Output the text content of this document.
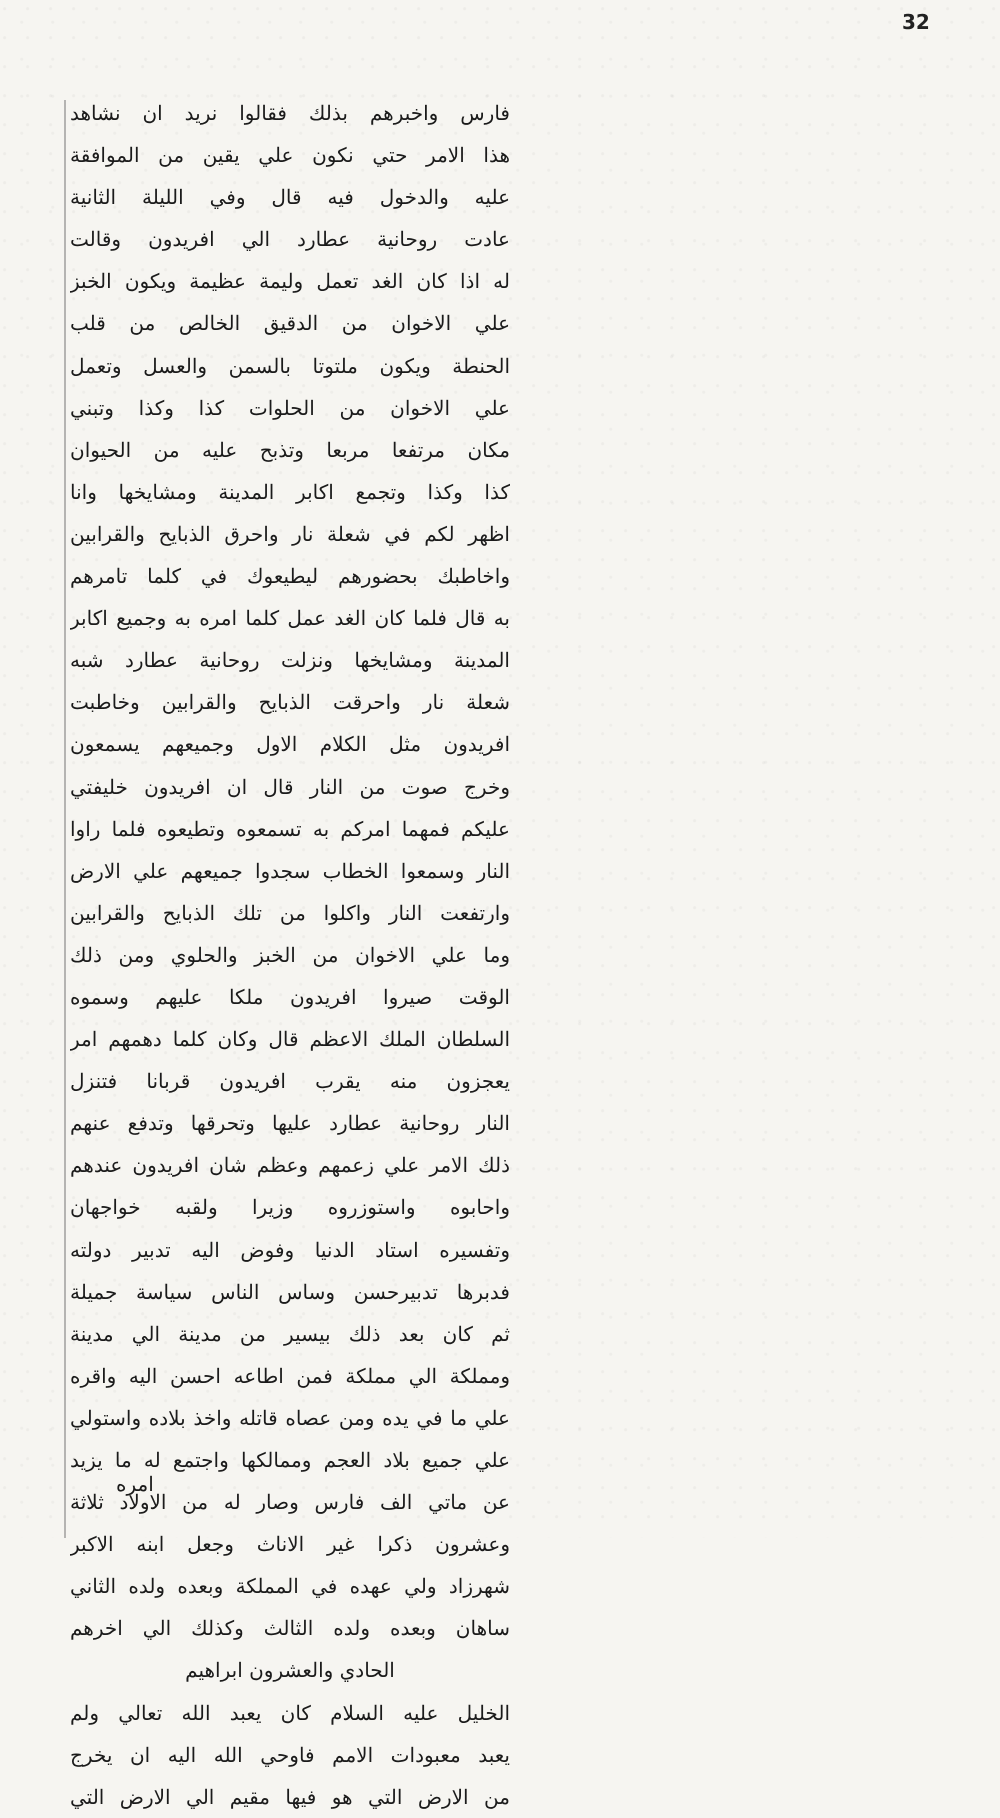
32
فارس واخبرهم بذلك فقالوا نريد ان نشاهد
هذا الامر حتي نكون علي يقين من الموافقة
عليه والدخول فيه قال وفي الليلة الثانية
عادت روحانية عطارد الي افريدون وقالت
له اذا كان الغد تعمل وليمة عظيمة ويكون الخبز
علي الاخوان من الدقيق الخالص من قلب
الحنطة ويكون ملتوتا بالسمن والعسل وتعمل
علي الاخوان من الحلوات كذا وكذا وتبني
مكان مرتفعا مربعا وتذبح عليه من الحيوان
كذا وكذا وتجمع اكابر المدينة ومشايخها وانا
اظهر لكم في شعلة نار واحرق الذبايح والقرابين
واخاطبك بحضورهم ليطيعوك في كلما تامرهم
به قال فلما كان الغد عمل كلما امره به وجميع اكابر
المدينة ومشايخها ونزلت روحانية عطارد شبه
شعلة نار واحرقت الذبايح والقرابين وخاطبت
افريدون مثل الكلام الاول وجميعهم يسمعون
وخرج صوت من النار قال ان افريدون خليفتي
عليكم فمهما امركم به تسمعوه وتطيعوه فلما راوا
النار وسمعوا الخطاب سجدوا جميعهم علي الارض
وارتفعت النار واكلوا من تلك الذبايح والقرابين
وما علي الاخوان من الخبز والحلوي ومن ذلك
الوقت صيروا افريدون ملكا عليهم وسموه
السلطان الملك الاعظم قال وكان كلما دهمهم امر
يعجزون منه يقرب افريدون قربانا فتنزل
النار روحانية عطارد عليها وتحرقها وتدفع عنهم
ذلك الامر علي زعمهم وعظم شان افريدون عندهم
واحابوه واستوزروه وزيرا ولقبه خواجهان
وتفسيره استاد الدنيا وفوض اليه تدبير دولته
فدبرها تدبيرحسن وساس الناس سياسة جميلة
ثم كان بعد ذلك بيسير من مدينة الي مدينة
ومملكة الي مملكة فمن اطاعه احسن اليه واقره
علي ما في يده ومن عصاه قاتله واخذ بلاده واستولي
علي جميع بلاد العجم وممالكها واجتمع له ما يزيد
عن ماتي الف فارس وصار له من الاولاد ثلاثة
وعشرون ذكرا غير الاناث وجعل ابنه الاكبر
شهرزاد ولي عهده في المملكة وبعده ولده الثاني
ساهان وبعده ولده الثالث وكذلك الي اخرهم
الحادي والعشرون ابراهيم
الخليل عليه السلام كان يعبد الله تعالي ولم
يعبد معبودات الامم فاوحي الله اليه ان يخرج
من الارض التي هو فيها مقيم الي الارض التي
امره
